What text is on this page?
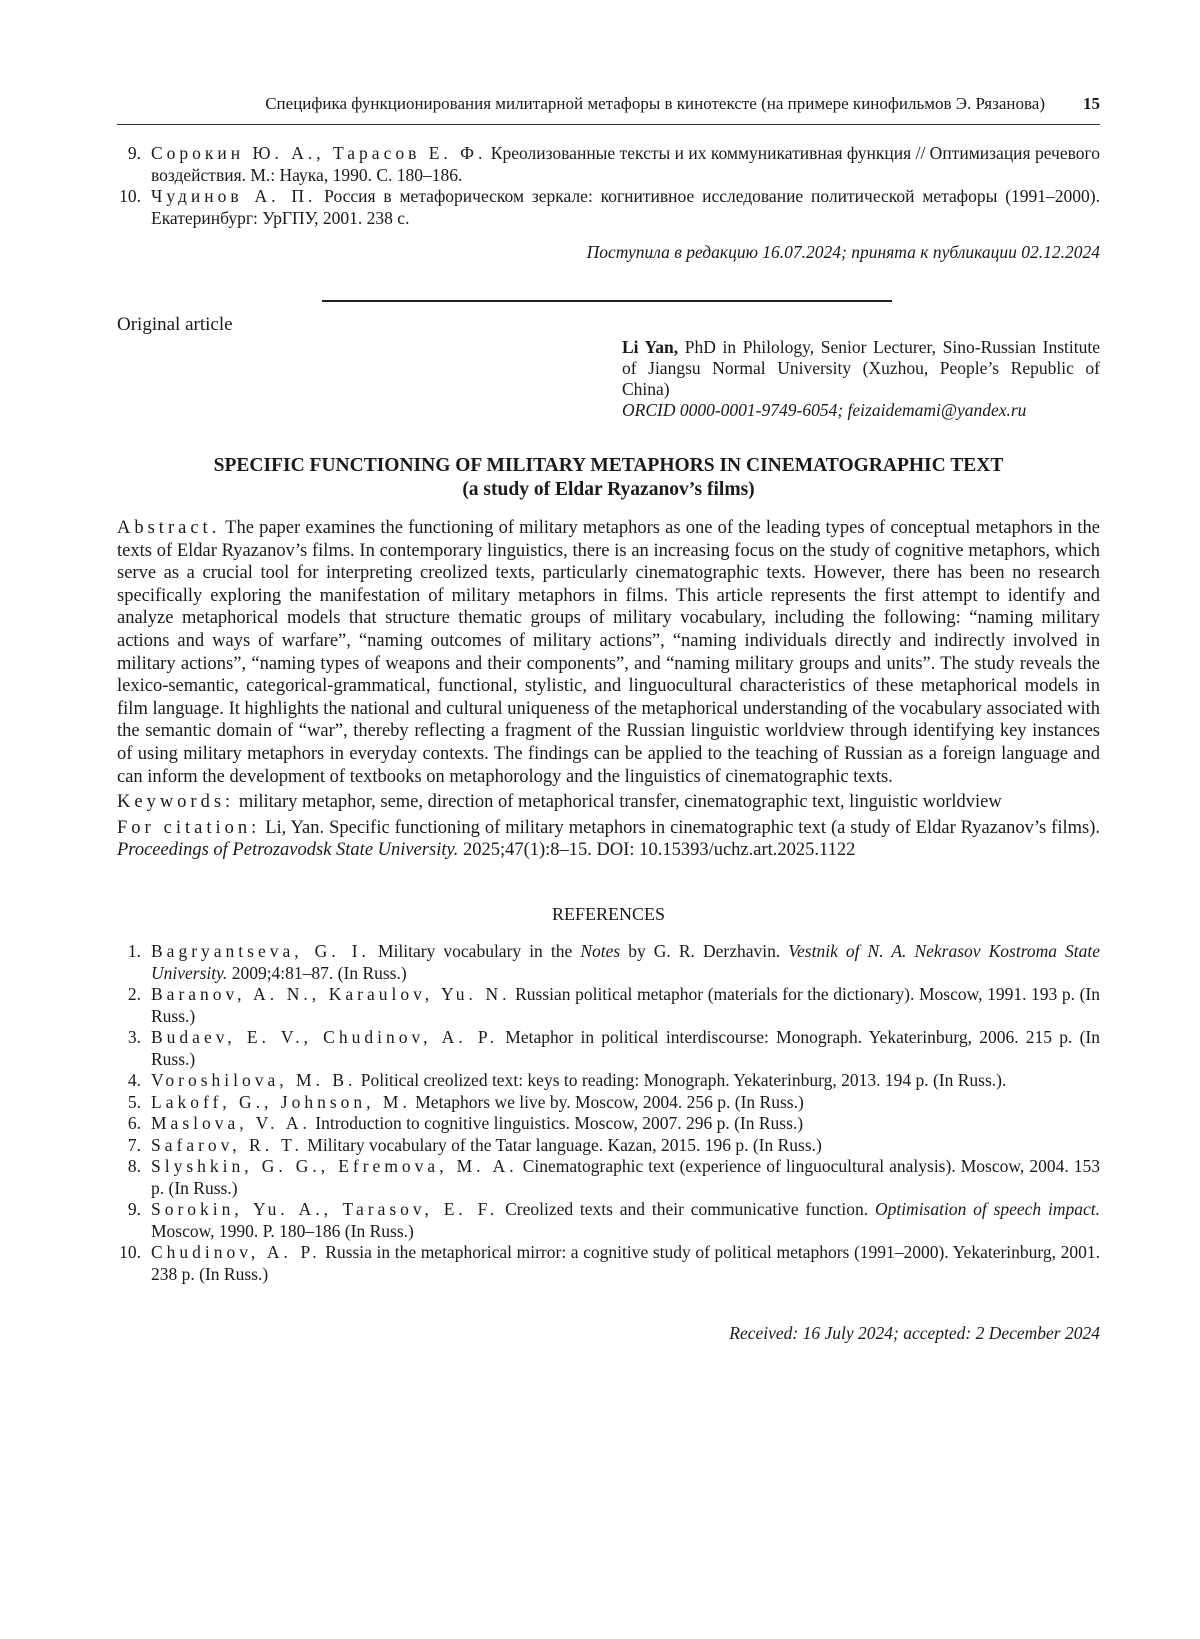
Специфика функционирования милитарной метафоры в кинотексте (на примере кинофильмов Э. Рязанова) 15
9. Сорокин Ю. А., Тарасов Е. Ф. Креолизованные тексты и их коммуникативная функция // Оптимизация речевого воздействия. М.: Наука, 1990. С. 180–186.
10. Чудинов А. П. Россия в метафорическом зеркале: когнитивное исследование политической метафоры (1991–2000). Екатеринбург: УрГПУ, 2001. 238 с.
Поступила в редакцию 16.07.2024; принята к публикации 02.12.2024
Original article
Li Yan, PhD in Philology, Senior Lecturer, Sino-Russian Institute of Jiangsu Normal University (Xuzhou, People’s Republic of China)
ORCID 0000-0001-9749-6054; feizaidemami@yandex.ru
SPECIFIC FUNCTIONING OF MILITARY METAPHORS IN CINEMATOGRAPHIC TEXT
(a study of Eldar Ryazanov’s films)

Abstract. The paper examines the functioning of military metaphors as one of the leading types of conceptual metaphors in the texts of Eldar Ryazanov’s films. In contemporary linguistics, there is an increasing focus on the study of cognitive metaphors, which serve as a crucial tool for interpreting creolized texts, particularly cinematographic texts. However, there has been no research specifically exploring the manifestation of military metaphors in films. This article represents the first attempt to identify and analyze metaphorical models that structure thematic groups of military vocabulary, including the following: “naming military actions and ways of warfare”, “naming outcomes of military actions”, “naming individuals directly and indirectly involved in military actions”, “naming types of weapons and their components”, and “naming military groups and units”. The study reveals the lexico-semantic, categorical-grammatical, functional, stylistic, and linguocultural characteristics of these metaphorical models in film language. It highlights the national and cultural uniqueness of the metaphorical understanding of the vocabulary associated with the semantic domain of “war”, thereby reflecting a fragment of the Russian linguistic worldview through identifying key instances of using military metaphors in everyday contexts. The findings can be applied to the teaching of Russian as a foreign language and can inform the development of textbooks on metaphorology and the linguistics of cinematographic texts.

Keywords: military metaphor, seme, direction of metaphorical transfer, cinematographic text, linguistic worldview

For citation: Li, Yan. Specific functioning of military metaphors in cinematographic text (a study of Eldar Ryazanov’s films). Proceedings of Petrozavodsk State University. 2025;47(1):8–15. DOI: 10.15393/uchz.art.2025.1122

REFERENCES
1. Bagryantseva, G. I. Military vocabulary in the Notes by G. R. Derzhavin. Vestnik of N. A. Nekrasov Kostroma State University. 2009;4:81–87. (In Russ.)
2. Baranov, A. N., Karaulov, Yu. N. Russian political metaphor (materials for the dictionary). Moscow, 1991. 193 p. (In Russ.)
3. Budaev, E. V., Chudinov, A. P. Metaphor in political interdiscourse: Monograph. Yekaterinburg, 2006. 215 p. (In Russ.)
4. Voroshilova, M. B. Political creolized text: keys to reading: Monograph. Yekaterinburg, 2013. 194 p. (In Russ.).
5. Lakoff, G., Johnson, M. Metaphors we live by. Moscow, 2004. 256 p. (In Russ.)
6. Maslova, V. A. Introduction to cognitive linguistics. Moscow, 2007. 296 p. (In Russ.)
7. Safarov, R. T. Military vocabulary of the Tatar language. Kazan, 2015. 196 p. (In Russ.)
8. Slyshkin, G. G., Efremova, M. A. Cinematographic text (experience of linguocultural analysis). Moscow, 2004. 153 p. (In Russ.)
9. Sorokin, Yu. A., Tarasov, E. F. Creolized texts and their communicative function. Optimisation of speech impact. Moscow, 1990. P. 180–186 (In Russ.)
10. Chudinov, A. P. Russia in the metaphorical mirror: a cognitive study of political metaphors (1991–2000). Yekaterinburg, 2001. 238 p. (In Russ.)
Received: 16 July 2024; accepted: 2 December 2024
